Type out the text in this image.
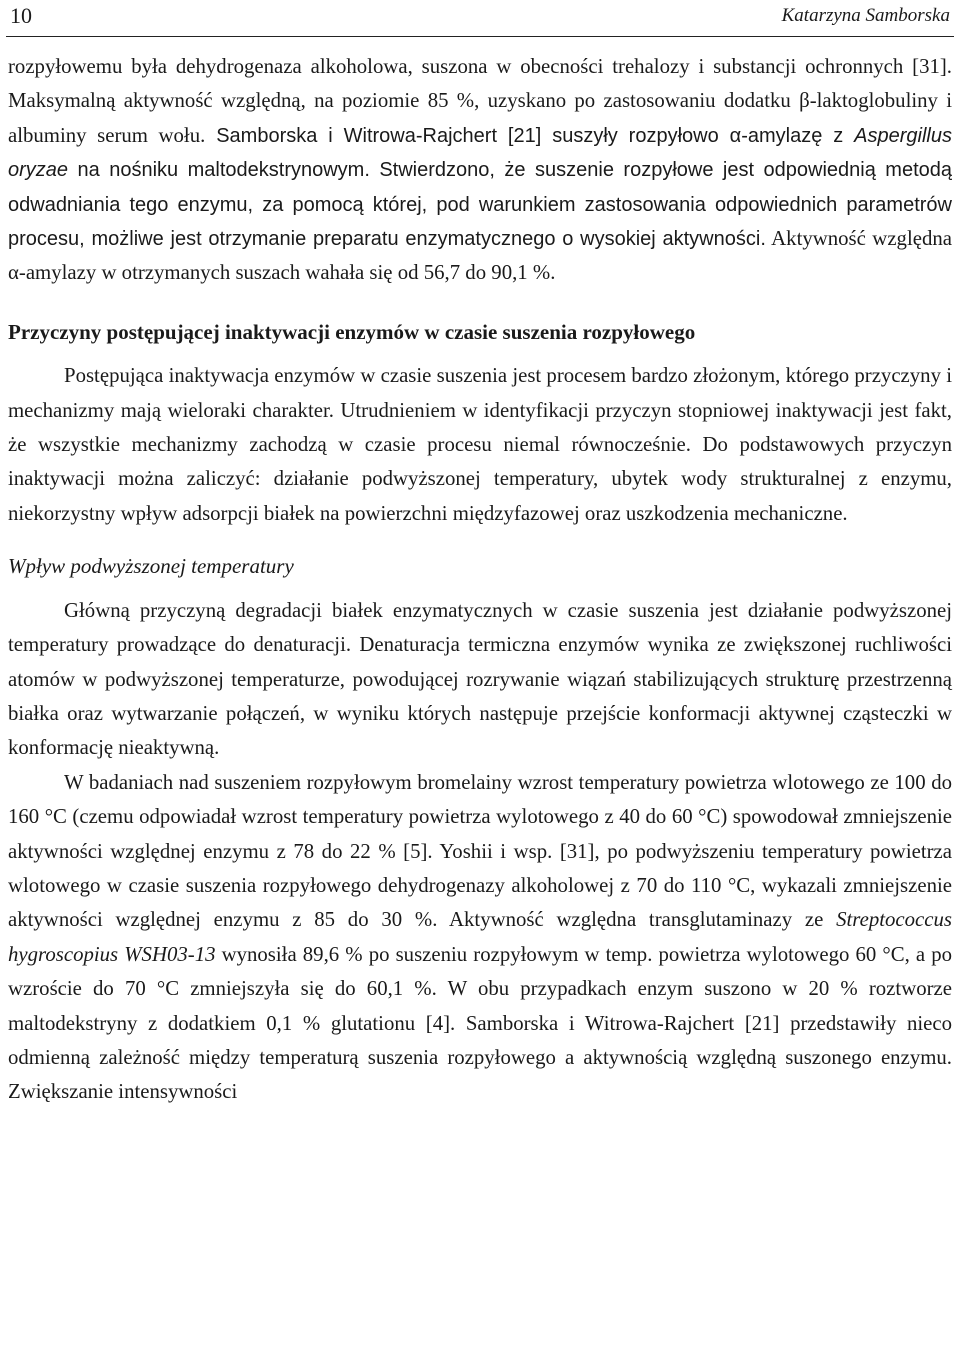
10	Katarzyna Samborska

rozpyłowemu była dehydrogenaza alkoholowa, suszona w obecności trehalozy i substancji ochronnych [31]. Maksymalną aktywność względną, na poziomie 85 %, uzyskano po zastosowaniu dodatku β-laktoglobuliny i albuminy serum wołu. Samborska i Witrowa-Rajchert [21] suszyły rozpyłowo α-amylazę z Aspergillus oryzae na nośniku maltodekstrynowym. Stwierdzono, że suszenie rozpyłowe jest odpowiednią metodą odwadniania tego enzymu, za pomocą której, pod warunkiem zastosowania odpowiednich parametrów procesu, możliwe jest otrzymanie preparatu enzymatycznego o wysokiej aktywności. Aktywność względna α-amylazy w otrzymanych suszach wahała się od 56,7 do 90,1 %.

Przyczyny postępującej inaktywacji enzymów w czasie suszenia rozpyłowego

Postępująca inaktywacja enzymów w czasie suszenia jest procesem bardzo złożonym, którego przyczyny i mechanizmy mają wieloraki charakter. Utrudnieniem w identyfikacji przyczyn stopniowej inaktywacji jest fakt, że wszystkie mechanizmy zachodzą w czasie procesu niemal równocześnie. Do podstawowych przyczyn inaktywacji można zaliczyć: działanie podwyższonej temperatury, ubytek wody strukturalnej z enzymu, niekorzystny wpływ adsorpcji białek na powierzchni międzyfazowej oraz uszkodzenia mechaniczne.

Wpływ podwyższonej temperatury

Główną przyczyną degradacji białek enzymatycznych w czasie suszenia jest działanie podwyższonej temperatury prowadzące do denaturacji. Denaturacja termiczna enzymów wynika ze zwiększonej ruchliwości atomów w podwyższonej temperaturze, powodującej rozrywanie wiązań stabilizujących strukturę przestrzenną białka oraz wytwarzanie połączeń, w wyniku których następuje przejście konformacji aktywnej cząsteczki w konformację nieaktywną.

W badaniach nad suszeniem rozpyłowym bromelainy wzrost temperatury powietrza wlotowego ze 100 do 160 °C (czemu odpowiadał wzrost temperatury powietrza wylotowego z 40 do 60 °C) spowodował zmniejszenie aktywności względnej enzymu z 78 do 22 % [5]. Yoshii i wsp. [31], po podwyższeniu temperatury powietrza wlotowego w czasie suszenia rozpyłowego dehydrogenazy alkoholowej z 70 do 110 °C, wykazali zmniejszenie aktywności względnej enzymu z 85 do 30 %. Aktywność względna transglutaminazy ze Streptococcus hygroscopius WSH03-13 wynosiła 89,6 % po suszeniu rozpyłowym w temp. powietrza wylotowego 60 °C, a po wzroście do 70 °C zmniejszyła się do 60,1 %. W obu przypadkach enzym suszono w 20 % roztworze maltodekstryny z dodatkiem 0,1 % glutationu [4]. Samborska i Witrowa-Rajchert [21] przedstawiły nieco odmienną zależność między temperaturą suszenia rozpyłowego a aktywnością względną suszonego enzymu. Zwiększanie intensywności
